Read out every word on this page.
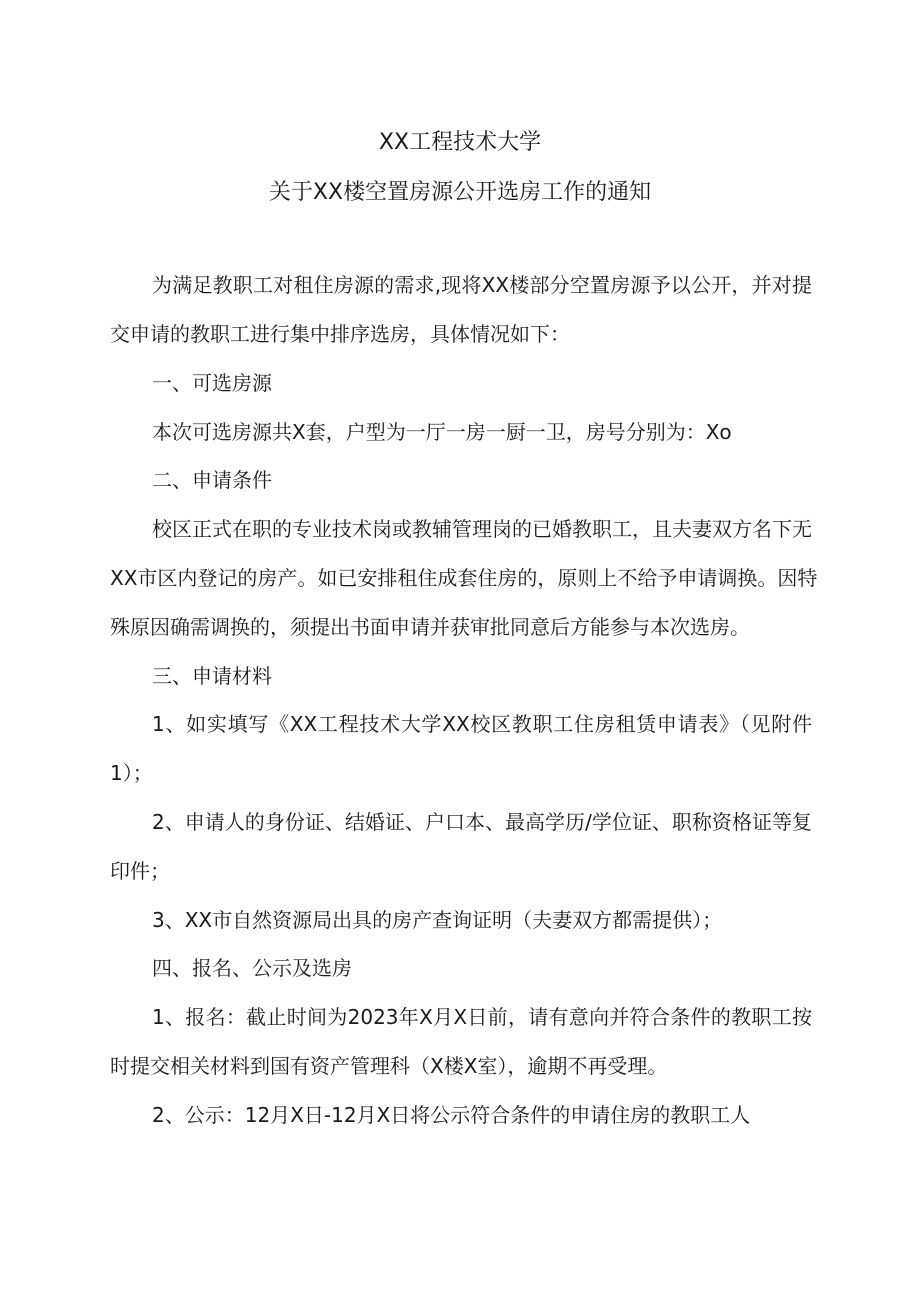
XX工程技术大学
关于XX楼空置房源公开选房工作的通知
为满足教职工对租住房源的需求,现将XX楼部分空置房源予以公开，并对提
交申请的教职工进行集中排序选房，具体情况如下：
一、可选房源
本次可选房源共X套，户型为一厅一房一厨一卫，房号分别为：Xo
二、申请条件
校区正式在职的专业技术岗或教辅管理岗的已婚教职工，且夫妻双方名下无
XX市区内登记的房产。如已安排租住成套住房的，原则上不给予申请调换。因特
殊原因确需调换的，须提出书面申请并获审批同意后方能参与本次选房。
三、申请材料
1、如实填写《XX工程技术大学XX校区教职工住房租赁申请表》（见附件
1）；
2、申请人的身份证、结婚证、户口本、最高学历/学位证、职称资格证等复
印件；
3、XX市自然资源局出具的房产查询证明（夫妻双方都需提供）；
四、报名、公示及选房
1、报名：截止时间为2023年X月X日前，请有意向并符合条件的教职工按
时提交相关材料到国有资产管理科（X楼X室），逾期不再受理。
2、公示：12月X日-12月X日将公示符合条件的申请住房的教职工人
